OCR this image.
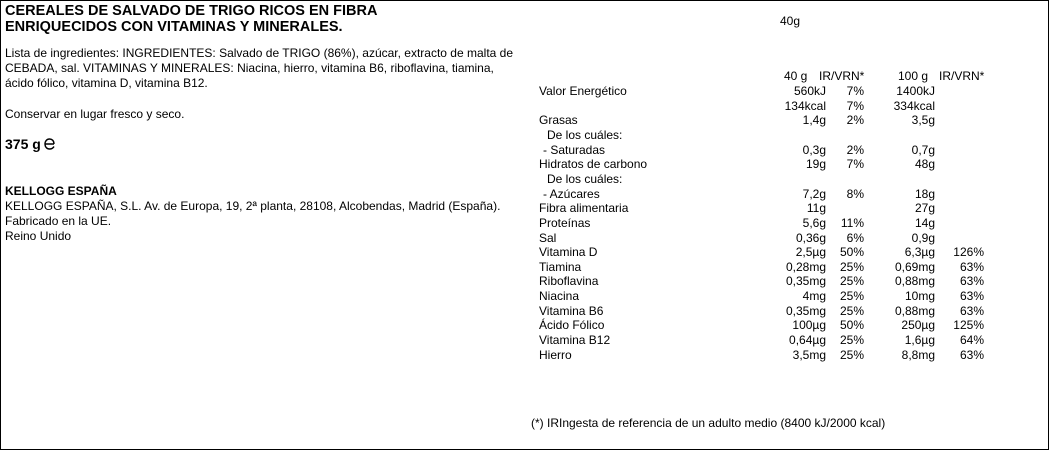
CEREALES DE SALVADO DE TRIGO RICOS EN FIBRA
ENRIQUECIDOS CON VITAMINAS Y MINERALES.
Lista de ingredientes: INGREDIENTES: Salvado de TRIGO (86%), azúcar, extracto de malta de
CEBADA, sal. VITAMINAS Y MINERALES: Niacina, hierro, vitamina B6, riboflavina, tiamina,
ácido fólico, vitamina D, vitamina B12.
Conservar en lugar fresco y seco.
375 g
KELLOGG ESPAÑA
KELLOGG ESPAÑA, S.L. Av. de Europa, 19, 2ª planta, 28108, Alcobendas, Madrid (España).
Fabricado en la UE.
Reino Unido
40g
40 g IR/VRN*	100 g IR/VRN*
Valor Energético	560kJ 7%	1400kJ
134kcal 7% 334kcal
Grasas	1,4g 2%	3,5g
De los cuáles:
- Saturadas	0,3g 2%	0,7g
Hidratos de carbono	19g 7%	48g
De los cuáles:
- Azúcares	7,2g 8%	18g
Fibra alimentaria	11g	27g
Proteínas	5,6g 11%	14g
Sal	0,36g 6%	0,9g
Vitamina D	2,5µg 50%	6,3µg 126%
Tiamina	0,28mg 25%	0,69mg 63%
Riboflavina	0,35mg 25%	0,88mg 63%
Niacina	4mg 25%	10mg 63%
Vitamina B6	0,35mg 25%	0,88mg 63%
Ácido Fólico	100µg 50%	250µg 125%
Vitamina B12	0,64µg 25%	1,6µg 64%
Hierro	3,5mg 25%	8,8mg 63%
(*) IRIngesta de referencia de un adulto medio (8400 kJ/2000 kcal)
